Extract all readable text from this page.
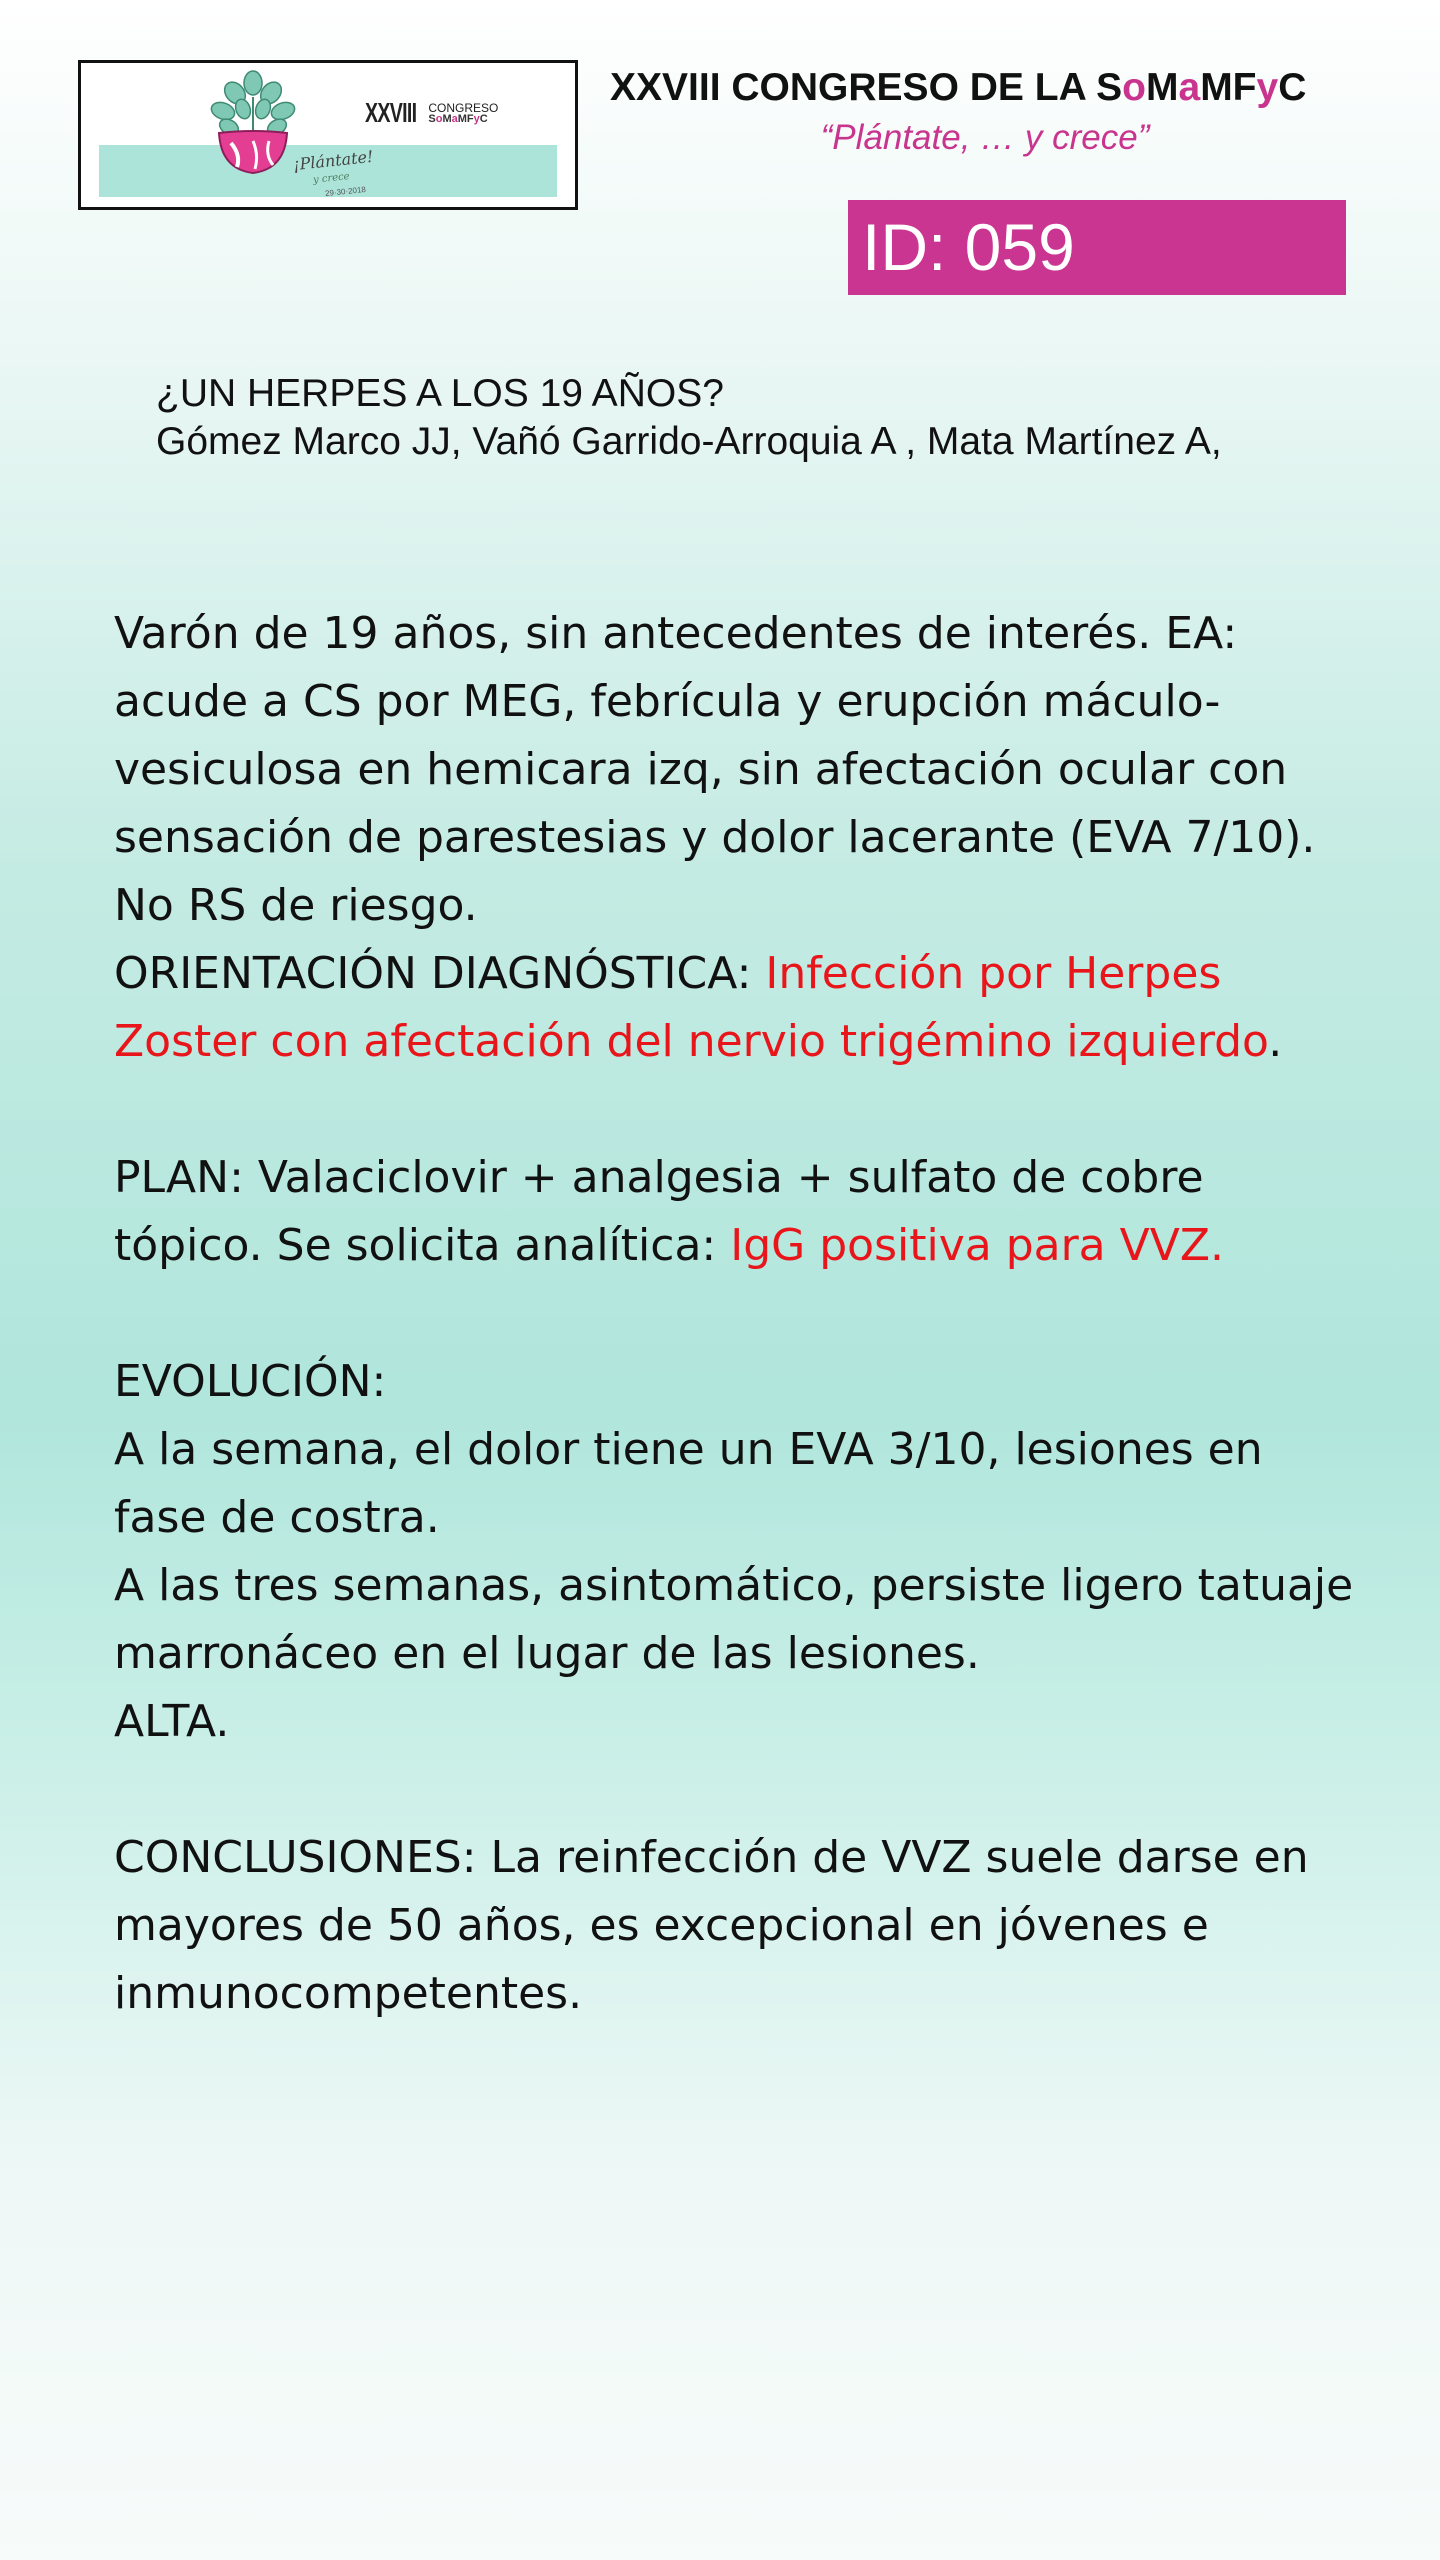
XXVIII CONGRESO
SoMaMFyC
¡Plántate!
y crece
29·30·2018
XXVIII CONGRESO DE LA SoMaMFyC
“Plántate, … y crece”
ID: 059
¿UN HERPES A LOS 19 AÑOS?
Gómez Marco JJ, Vañó Garrido-Arroquia A , Mata Martínez A,

Varón de 19 años, sin antecedentes de interés. EA: acude a CS por MEG, febrícula y erupción máculo-vesiculosa en hemicara izq, sin afectación ocular con sensación de parestesias y dolor lacerante (EVA 7/10). No RS de riesgo.

ORIENTACIÓN DIAGNÓSTICA: Infección por Herpes Zoster con afectación del nervio trigémino izquierdo.

PLAN: Valaciclovir + analgesia + sulfato de cobre tópico. Se solicita analítica: IgG positiva para VVZ.

EVOLUCIÓN:

A la semana, el dolor tiene un EVA 3/10, lesiones en fase de costra.

A las tres semanas, asintomático, persiste ligero tatuaje marronáceo en el lugar de las lesiones.

ALTA.

CONCLUSIONES: La reinfección de VVZ suele darse en mayores de 50 años, es excepcional en jóvenes e inmunocompetentes.
